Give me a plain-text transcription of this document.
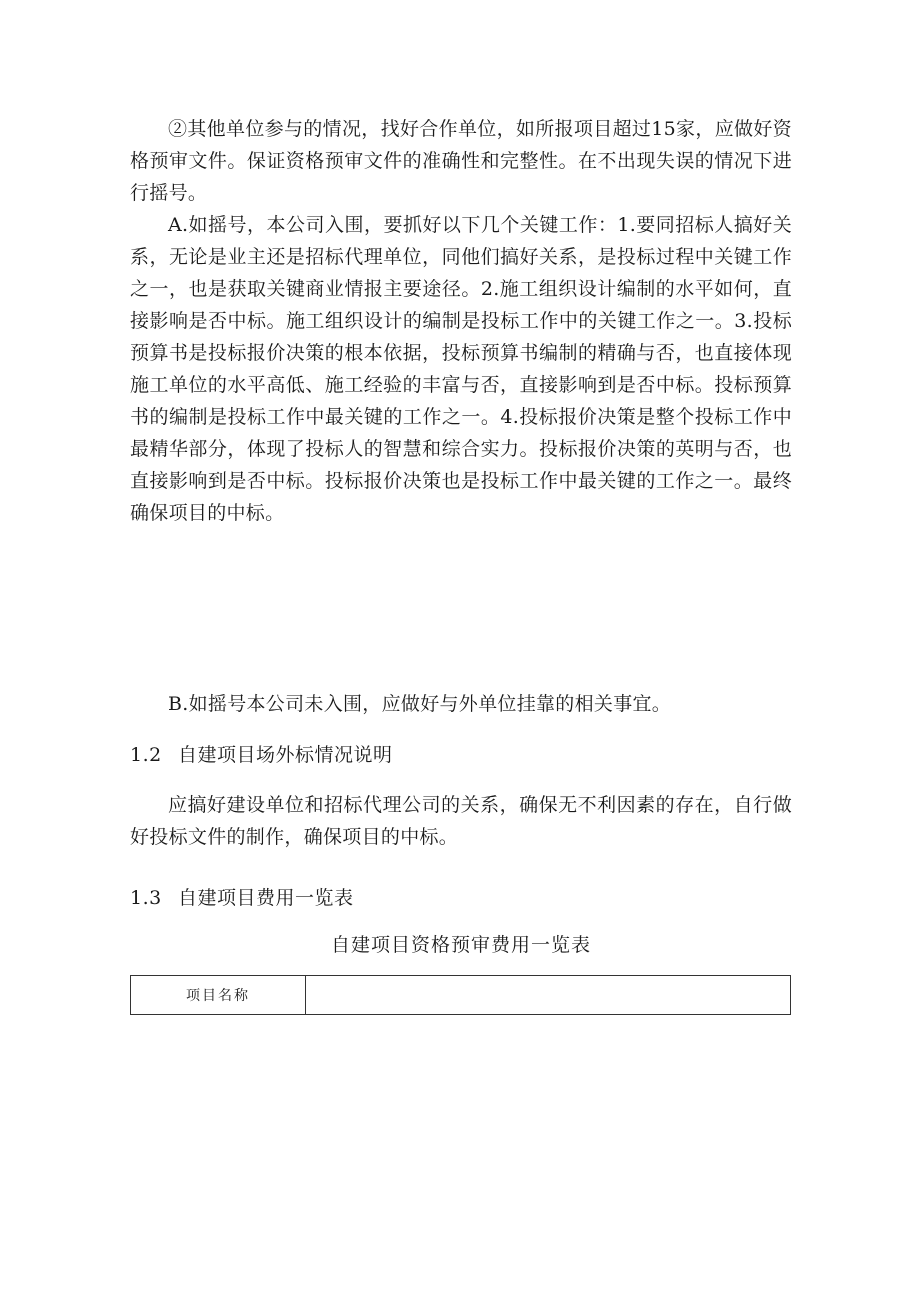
②其他单位参与的情况，找好合作单位，如所报项目超过15家，应做好资格预审文件。保证资格预审文件的准确性和完整性。在不出现失误的情况下进行摇号。

A.如摇号，本公司入围，要抓好以下几个关键工作：1.要同招标人搞好关系，无论是业主还是招标代理单位，同他们搞好关系，是投标过程中关键工作之一，也是获取关键商业情报主要途径。2.施工组织设计编制的水平如何，直接影响是否中标。施工组织设计的编制是投标工作中的关键工作之一。3.投标预算书是投标报价决策的根本依据，投标预算书编制的精确与否，也直接体现施工单位的水平高低、施工经验的丰富与否，直接影响到是否中标。投标预算书的编制是投标工作中最关键的工作之一。4.投标报价决策是整个投标工作中最精华部分，体现了投标人的智慧和综合实力。投标报价决策的英明与否，也直接影响到是否中标。投标报价决策也是投标工作中最关键的工作之一。最终确保项目的中标。

B.如摇号本公司未入围，应做好与外单位挂靠的相关事宜。

1.2 自建项目场外标情况说明

应搞好建设单位和招标代理公司的关系，确保无不利因素的存在，自行做好投标文件的制作，确保项目的中标。

1.3 自建项目费用一览表

自建项目资格预审费用一览表

项目名称	
